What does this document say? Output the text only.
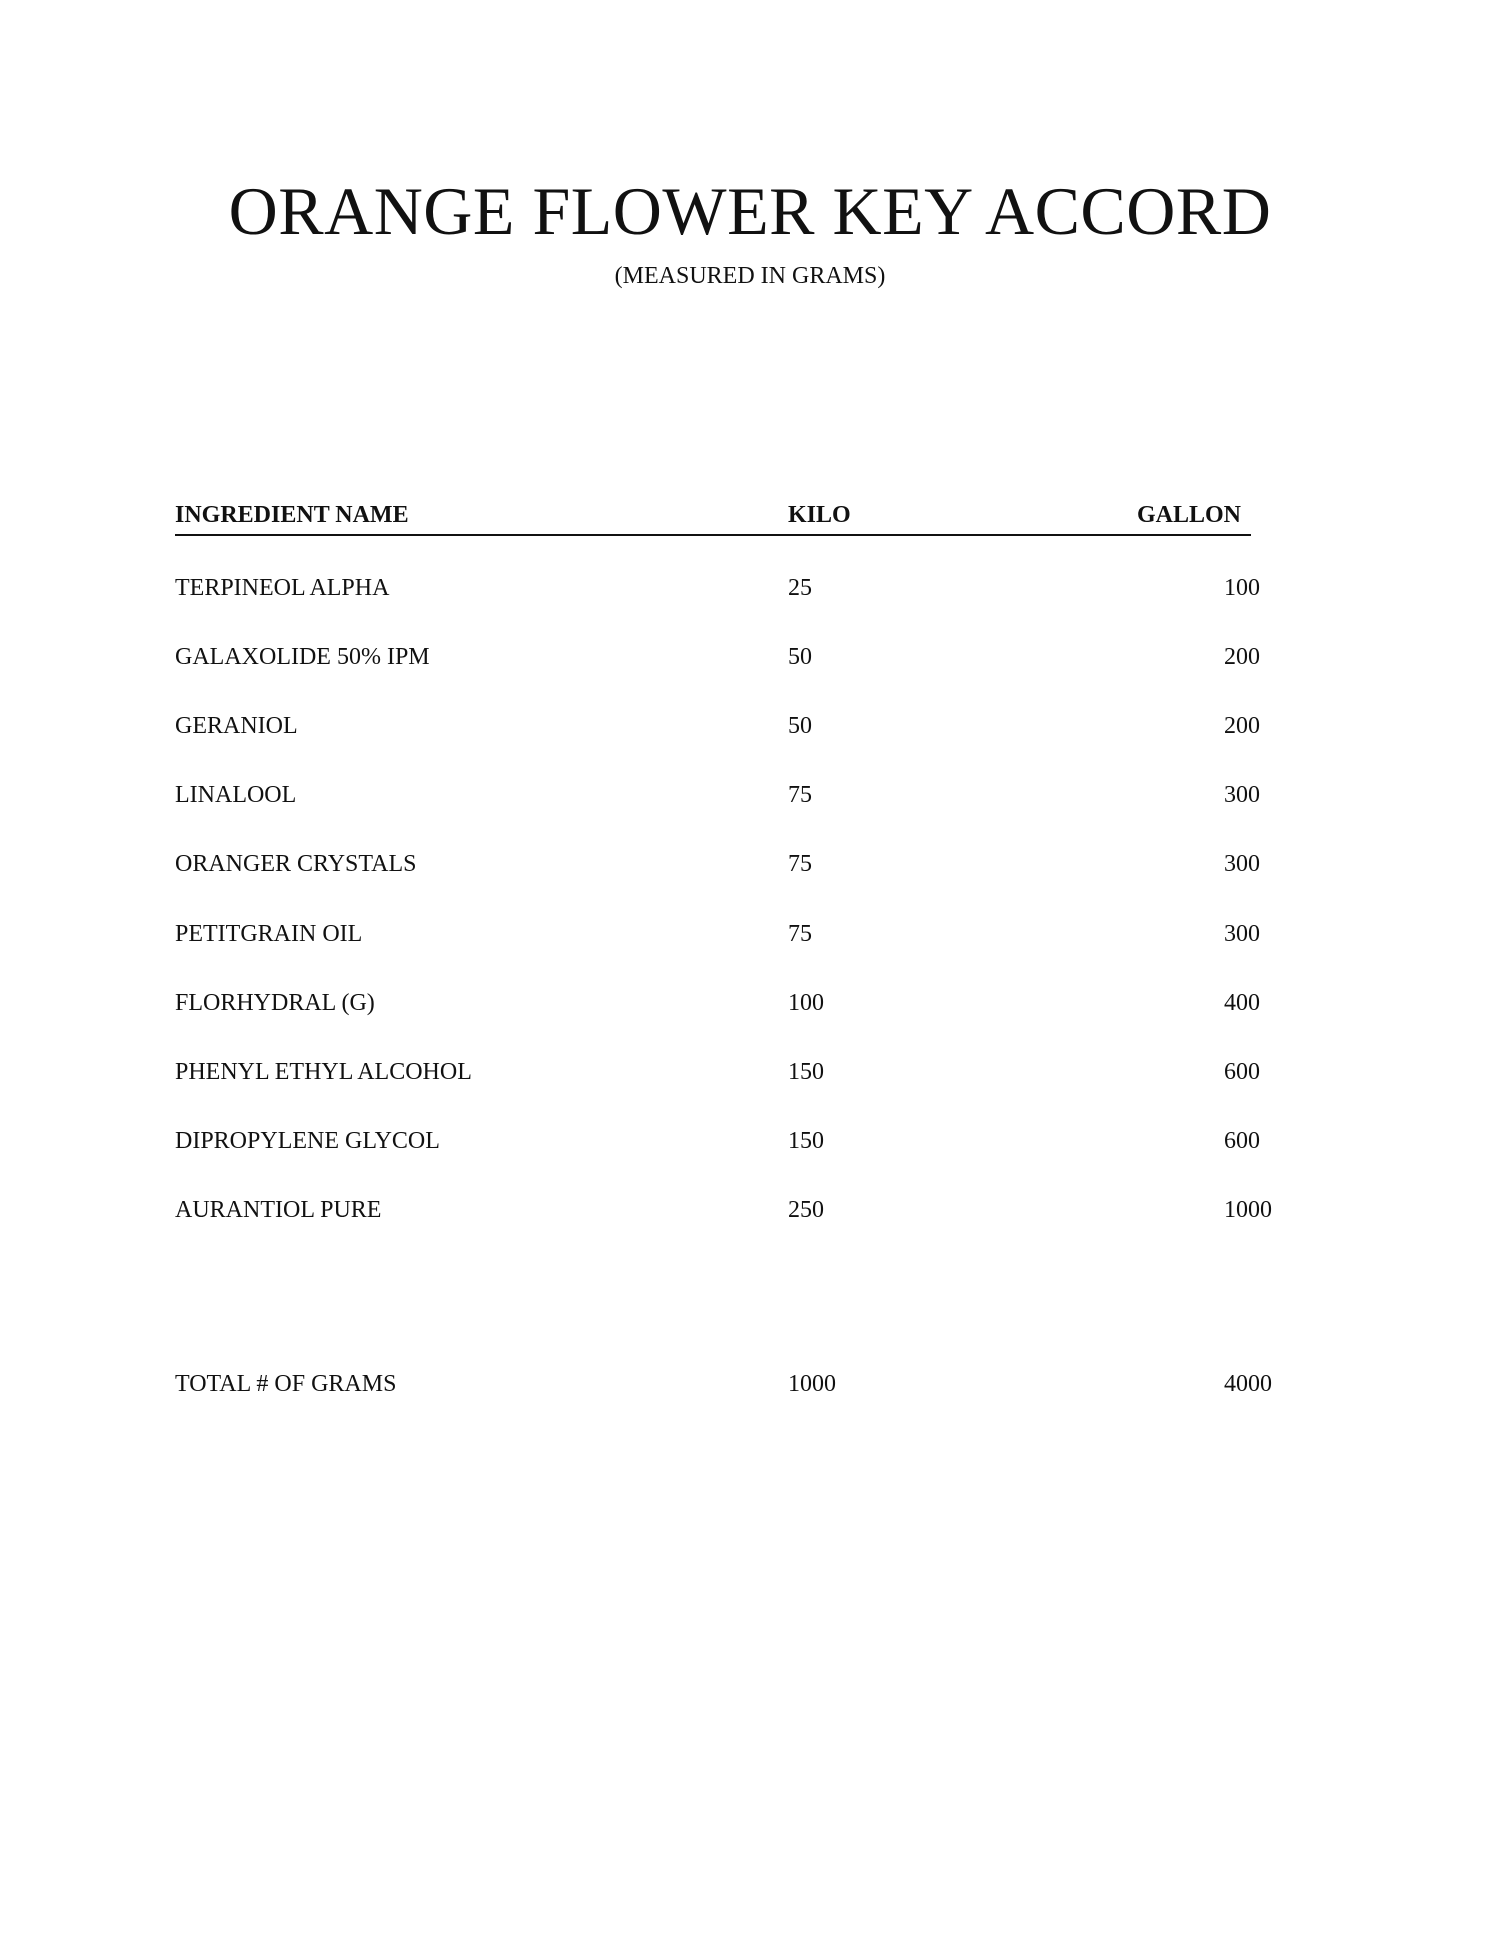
ORANGE FLOWER KEY ACCORD
(MEASURED IN GRAMS)
INGREDIENT NAME	KILO	GALLON
TERPINEOL ALPHA	25	100
GALAXOLIDE 50% IPM	50	200
GERANIOL	50	200
LINALOOL	75	300
ORANGER CRYSTALS	75	300
PETITGRAIN OIL	75	300
FLORHYDRAL (G)	100	400
PHENYL ETHYL ALCOHOL	150	600
DIPROPYLENE GLYCOL	150	600
AURANTIOL PURE	250	1000
TOTAL # OF GRAMS	1000	4000
